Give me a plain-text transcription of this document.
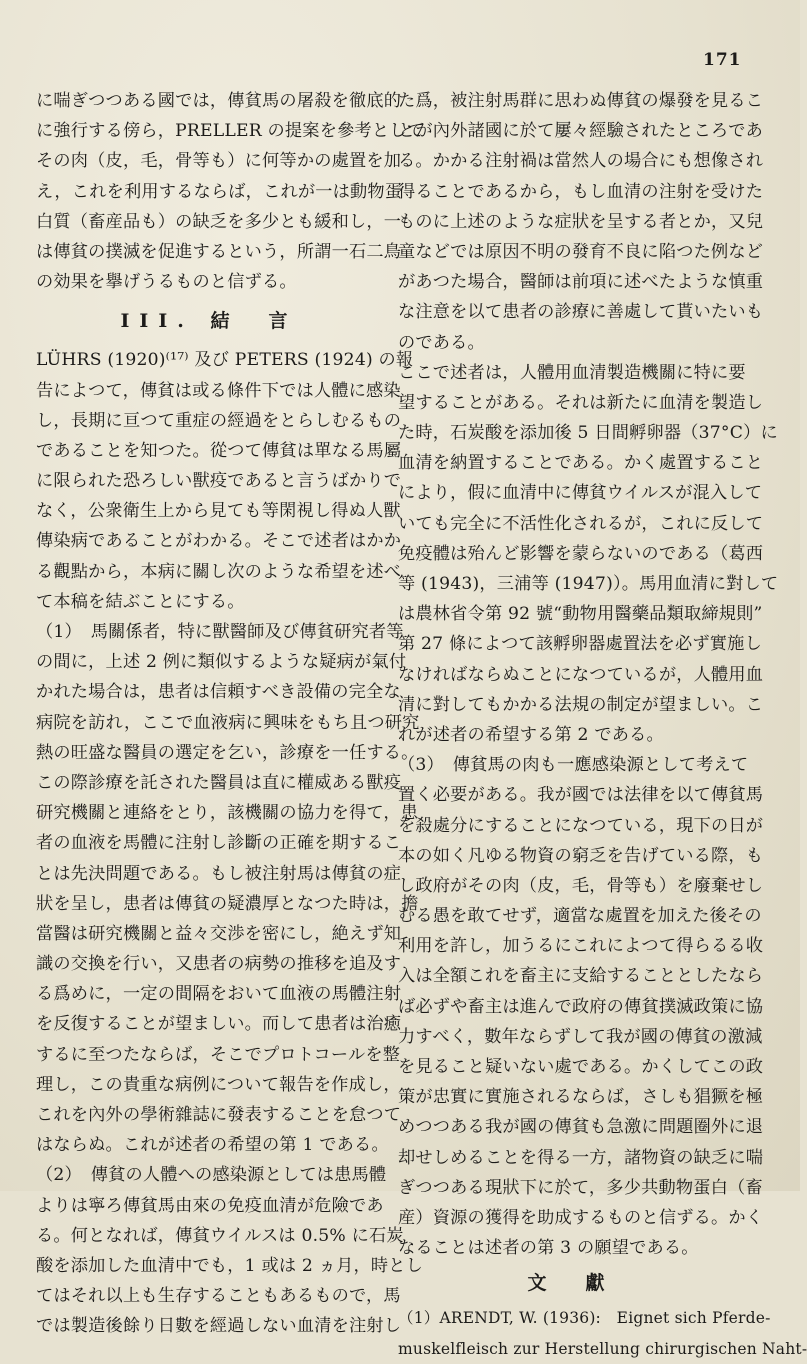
171
に喘ぎつつある國では，傳貧馬の屠殺を徹底的
に強行する傍ら，PRELLER の提案を參考として
その肉（皮，毛，骨等も）に何等かの處置を加
え，これを利用するならば，これが一は動物蛋
白質（畜産品も）の缺乏を多少とも緩和し，一
は傳貧の撲滅を促進するという，所謂一石二鳥
の効果を擧げうるものと信ずる。
III. 結　言
LÜHRS (1920)⁽¹⁷⁾ 及び PETERS (1924) の報
告によつて，傳貧は或る條件下では人體に感染
し，長期に亘つて重症の經過をとらしむるもの
であることを知つた。從つて傳貧は單なる馬屬
に限られた恐ろしい獸疫であると言うばかりで
なく，公衆衛生上から見ても等閑視し得ぬ人獸
傳染病であることがわかる。そこで述者はかか
る觀點から，本病に關し次のような希望を述べ
て本稿を結ぶことにする。
（1）　馬關係者，特に獸醫師及び傳貧研究者等
の間に，上述 2 例に類似するような疑病が氣付
かれた場合は，患者は信頼すべき設備の完全な
病院を訪れ，ここで血液病に興味をもち且つ研究
熱の旺盛な醫員の選定を乞い，診療を一任する。
この際診療を託された醫員は直に權威ある獸疫
研究機關と連絡をとり，該機關の協力を得て，患
者の血液を馬體に注射し診斷の正確を期するこ
とは先決問題である。もし被注射馬は傳貧の症
狀を呈し，患者は傳貧の疑濃厚となつた時は，擔
當醫は研究機關と益々交渉を密にし，絶えず知
識の交換を行い，又患者の病勢の推移を追及す
る爲めに，一定の間隔をおいて血液の馬體注射
を反復することが望ましい。而して患者は治癒
するに至つたならば，そこでプロトコールを整
理し，この貴重な病例について報告を作成し，
これを內外の學術雜誌に發表することを怠つて
はならぬ。これが述者の希望の第 1 である。
（2）　傳貧の人體への感染源としては患馬體
よりは寧ろ傳貧馬由來の免疫血清が危險であ
る。何となれば，傳貧ウイルスは 0.5% に石炭
酸を添加した血清中でも，1 或は 2 ヵ月，時とし
てはそれ以上も生存することもあるもので，馬
では製造後餘り日數を經過しない血清を注射し
た爲，被注射馬群に思わぬ傳貧の爆發を見るこ
とが內外諸國に於て屢々經驗されたところであ
る。かかる注射禍は當然人の場合にも想像され
得ることであるから，もし血清の注射を受けた
ものに上述のような症狀を呈する者とか，又兒
童などでは原因不明の發育不良に陷つた例など
があつた場合，醫師は前項に述べたような慎重
な注意を以て患者の診療に善處して貰いたいも
のである。
ここで述者は，人體用血清製造機關に特に要
望することがある。それは新たに血清を製造し
た時，石炭酸を添加後 5 日間孵卵器（37°C）に
血清を納置することである。かく處置すること
により，假に血清中に傳貧ウイルスが混入して
いても完全に不活性化されるが，これに反して
免疫體は殆んど影響を蒙らないのである（葛西
等 (1943)，三浦等 (1947)）。馬用血清に對して
は農林省令第 92 號“動物用醫藥品類取締規則”
第 27 條によつて該孵卵器處置法を必ず實施し
なければならぬことになつているが，人體用血
清に對してもかかる法規の制定が望ましい。こ
れが述者の希望する第 2 である。
（3）　傳貧馬の肉も一應感染源として考えて
置く必要がある。我が國では法律を以て傳貧馬
を殺處分にすることになつている，現下の日が
本の如く凡ゆる物資の窮乏を告げている際，も
し政府がその肉（皮，毛，骨等も）を廢棄せし
むる愚を敢てせず，適當な處置を加えた後その
利用を許し，加うるにこれによつて得らるる收
入は全額これを畜主に支給することとしたなら
ば必ずや畜主は進んで政府の傳貧撲滅政策に協
力すべく，數年ならずして我が國の傳貧の激減
を見ること疑いない處である。かくしてこの政
策が忠實に實施されるならば，さしも猖獗を極
めつつある我が國の傳貧も急激に問題圈外に退
却せしめることを得る一方，諸物資の缺乏に喘
ぎつつある現狀下に於て，多少共動物蛋白（畜
産）資源の獲得を助成するものと信ずる。かく
なることは述者の第 3 の願望である。
文　獻
（1）ARENDT, W. (1936):　Eignet sich Pferde-
muskelfleisch zur Herstellung chirurgischen Naht-
